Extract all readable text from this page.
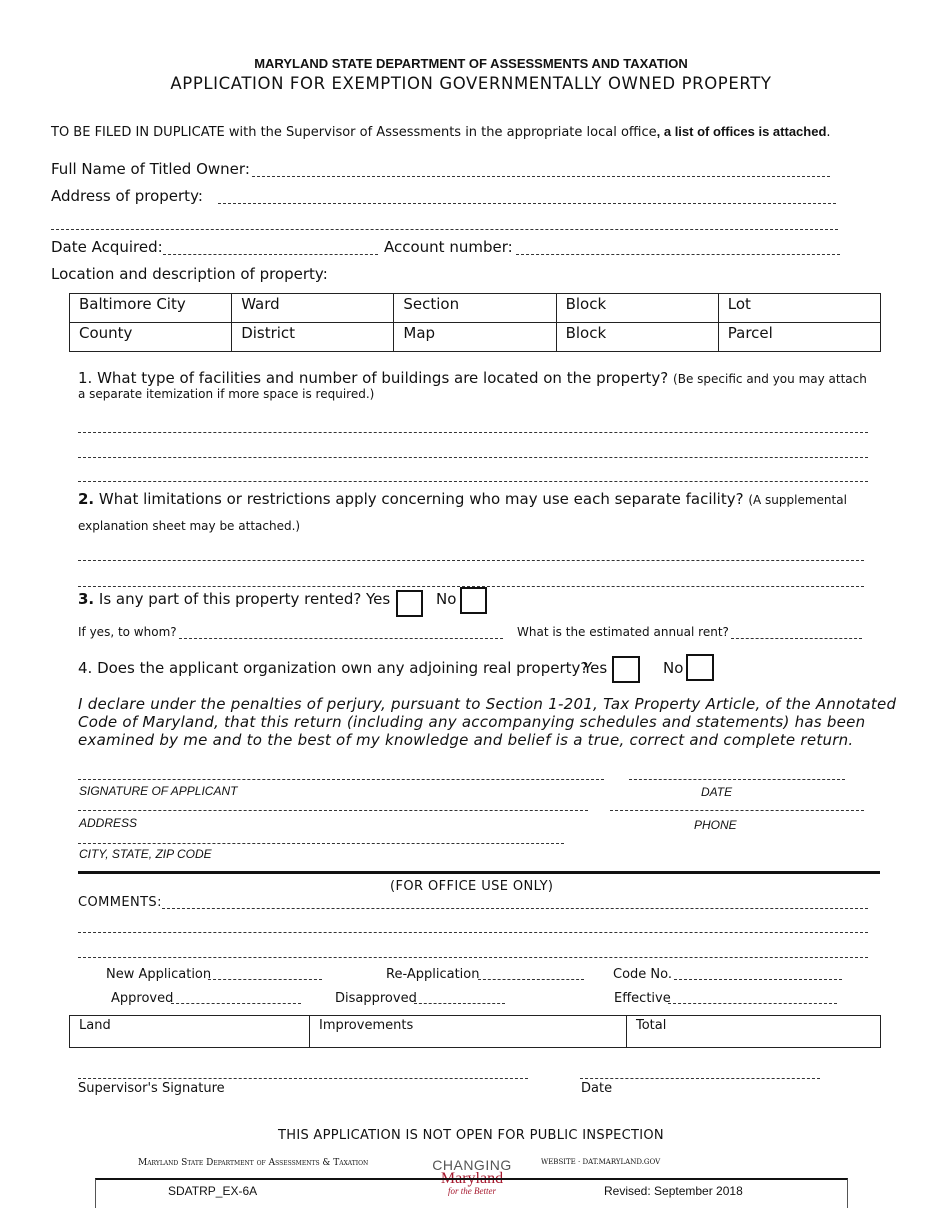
MARYLAND STATE DEPARTMENT OF ASSESSMENTS AND TAXATION
APPLICATION FOR EXEMPTION GOVERNMENTALLY OWNED PROPERTY
TO BE FILED IN DUPLICATE with the Supervisor of Assessments in the appropriate local office, a list of offices is attached.
Full Name of Titled Owner:
Address of property:
Date Acquired:	Account number:
Location and description of property:
Baltimore City	Ward	Section	Block	Lot
County	District	Map	Block	Parcel
1. What type of facilities and number of buildings are located on the property? (Be specific and you may attach
a separate itemization if more space is required.)
2. What limitations or restrictions apply concerning who may use each separate facility? (A supplemental
explanation sheet may be attached.)
3. Is any part of this property rented? Yes	No
If yes, to whom?	What is the estimated annual rent?
4. Does the applicant organization own any adjoining real property?
Yes	No
I declare under the penalties of perjury, pursuant to Section 1-201, Tax Property Article, of the Annotated
Code of Maryland, that this return (including any accompanying schedules and statements) has been
examined by me and to the best of my knowledge and belief is a true, correct and complete return.
SIGNATURE OF APPLICANT	DATE
ADDRESS	PHONE
CITY, STATE, ZIP CODE
(FOR OFFICE USE ONLY)
COMMENTS:
New Application	Re-Application	Code No.
Approved	Disapproved	Effective
Land	Improvements	Total
Supervisor's Signature	Date
THIS APPLICATION IS NOT OPEN FOR PUBLIC INSPECTION
Maryland State Department of Assessments & Taxation	CHANGING
Maryland
for the Better
WEBSITE · DAT.MARYLAND.GOV
SDATRP_EX-6A	Revised: September 2018
